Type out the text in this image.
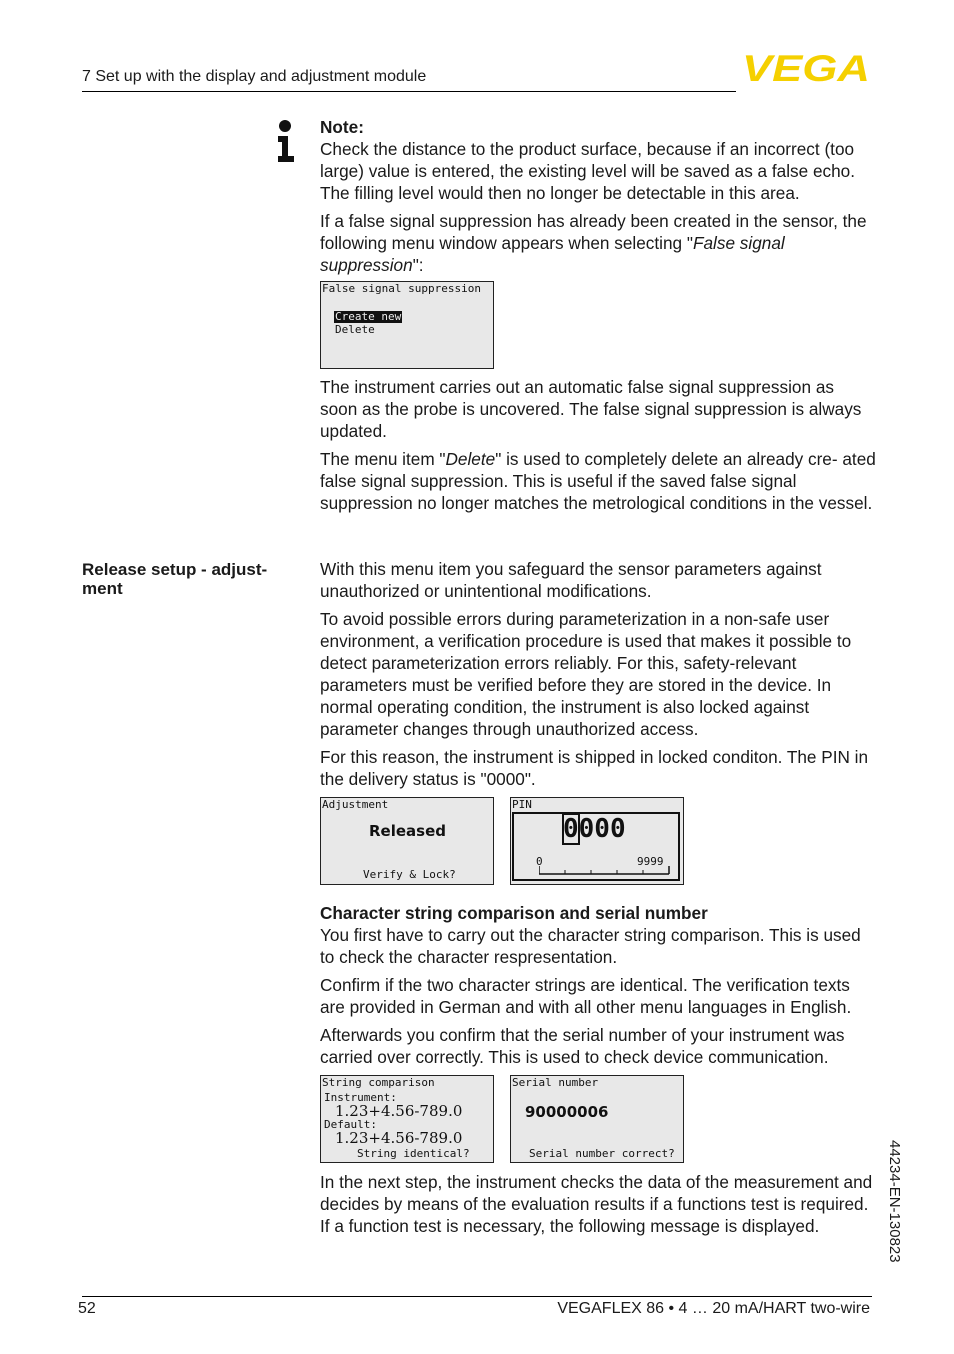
7 Set up with the display and adjustment module	VEGA

Note:

Check the distance to the product surface, because if an incorrect (too large) value is entered, the existing level will be saved as a false echo. The filling level would then no longer be detectable in this area.

If a false signal suppression has already been created in the sensor, the following menu window appears when selecting "False signal suppression":

False signal suppression
Create new
Delete

The instrument carries out an automatic false signal suppression as soon as the probe is uncovered. The false signal suppression is always updated.

The menu item "Delete" is used to completely delete an already cre- ated false signal suppression. This is useful if the saved false signal suppression no longer matches the metrological conditions in the vessel.

Release setup - adjust- ment

With this menu item you safeguard the sensor parameters against unauthorized or unintentional modifications.

To avoid possible errors during parameterization in a non-safe user environment, a verification procedure is used that makes it possible to detect parameterization errors reliably. For this, safety-relevant parameters must be verified before they are stored in the device. In normal operating condition, the instrument is also locked against parameter changes through unauthorized access.

For this reason, the instrument is shipped in locked conditon. The PIN in the delivery status is "0000".

Adjustment
Released
Verify & Lock?
PIN
0000
0	9999

Character string comparison and serial number

You first have to carry out the character string comparison. This is used to check the character respresentation.

Confirm if the two character strings are identical. The verification texts are provided in German and with all other menu languages in English.

Afterwards you confirm that the serial number of your instrument was carried over correctly. This is used to check device communication.

String comparison
Instrument:
1.23+4.56-789.0
Default:
1.23+4.56-789.0
String identical?
Serial number
90000006
Serial number correct?

In the next step, the instrument checks the data of the measurement and decides by means of the evaluation results if a functions test is required. If a function test is necessary, the following message is displayed.	44234-EN-130823
52	VEGAFLEX 86 • 4 … 20 mA/HART two-wire
